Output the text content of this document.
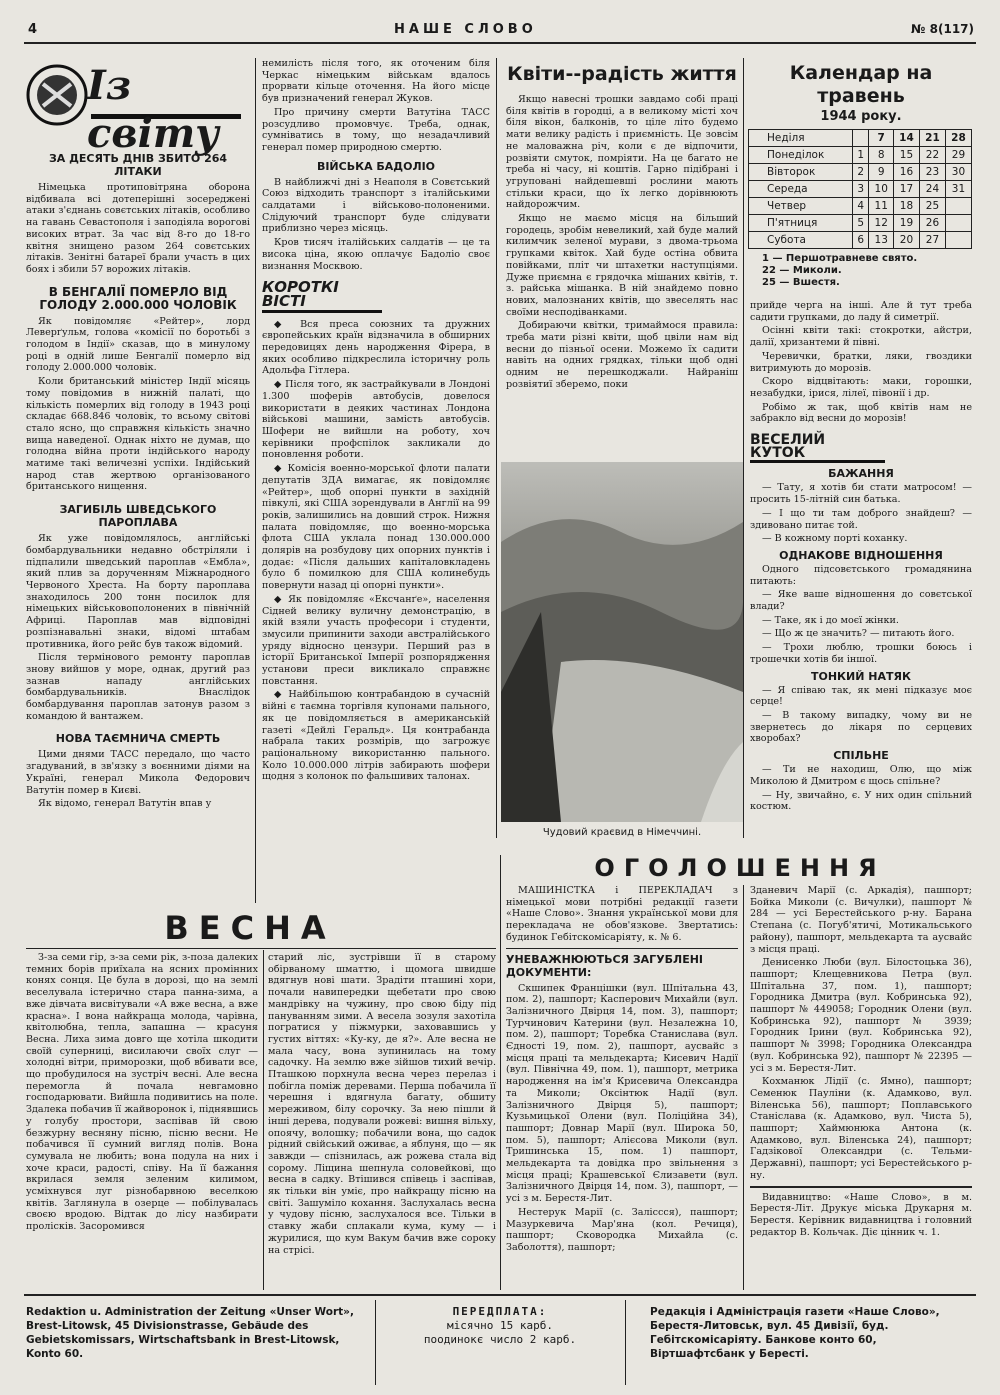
4	НАШЕ СЛОВО	№ 8(117)
Із світу
ЗА ДЕСЯТЬ ДНІВ ЗБИТО 264 ЛІТАКИ

Німецька протиповітряна оборона відбивала всі дотеперішні зосереджені атаки з'єднань совєтських літаків, особливо на гавань Севастополя і заподіяла ворогові високих втрат. За час від 8-го до 18-го квітня знищено разом 264 совєтських літаків. Зенітні батареї брали участь в цих боях і збили 57 ворожих літаків.

В БЕНГАЛІЇ ПОМЕРЛО ВІД ГОЛОДУ 2.000.000 ЧОЛОВІК

Як повідомляє «Рейтер», лорд Леверґульм, голова «комісії по боротьбі з голодом в Індії» сказав, що в минулому році в одній лише Бенгалії померло від голоду 2.000.000 чоловік.

Коли британський міністер Індії місяць тому повідомив в нижній палаті, що кількість померлих від голоду в 1943 році складає 668.846 чоловік, то всьому світові стало ясно, що справжня кількість значно вища наведеної. Однак ніхто не думав, що голодна війна проти індійського народу матиме такі величезні успіхи. Індійський народ став жертвою організованого британського нищення.

ЗАГИБІЛЬ ШВЕДСЬКОГО ПАРОПЛАВА

Як уже повідомлялось, англійські бомбардувальники недавно обстріляли і підпалили шведський пароплав «Ембла», який плив за дорученням Міжнародного Червоного Хреста. На борту пароплава знаходилось 200 тонн посилок для німецьких військовополонених в північній Африці. Пароплав мав відповідні розпізнавальні знаки, відомі штабам противника, його рейс був також відомий.

Після термінового ремонту пароплав знову вийшов у море, однак, другий раз зазнав нападу англійських бомбардувальників. Внаслідок бомбардування пароплав затонув разом з командою й вантажем.

НОВА ТАЄМНИЧА СМЕРТЬ

Цими днями ТАСС передало, що часто згадуваний, в зв'язку з воєнними діями на Україні, генерал Микола Федорович Ватутін помер в Києві.

Як відомо, генерал Ватутін впав у

немилість після того, як оточеним біля Черкас німецьким військам вдалось прорвати кільце оточення. На його місце був призначений генерал Жуков.

Про причину смерти Ватутіна ТАСС розсудливо промовчує. Треба, однак, сумніватись в тому, що незадачливий генерал помер природною смертю.

ВІЙСЬКА БАДОЛІО

В найближчі дні з Неаполя в Совєтський Союз відходить транспорт з італійськими салдатами і військово-полоненими. Слідуючий транспорт буде слідувати приблизно через місяць.

Кров тисяч італійських салдатів — це та висока ціна, якою оплачує Бадоліо своє визнання Москвою.

КОРОТКІ ВІСТІ

◆ Вся преса союзних та дружних європейських країн відзначила в обширних передовицях день народження Фірера, в яких особливо підкреслила історичну роль Адольфа Гітлера.

◆ Після того, як застрайкували в Лондоні 1.300 шоферів автобусів, довелося використати в деяких частинах Лондона військові машини, замість автобусів. Шофери не вийшли на роботу, хоч керівники профспілок закликали до поновлення роботи.

◆ Комісія военно-морської флоти палати депутатів ЗДА вимагає, як повідомляє «Рейтер», щоб опорні пункти в західній півкулі, які США зорендували в Англії на 99 років, залишились на довший строк. Нижня палата повідомляє, що военно-морська флота США уклала понад 130.000.000 долярів на розбудову цих опорних пунктів і додає: «Після дальших капіталовкладень було б помилкою для США колинебудь повернути назад ці опорні пункти».

◆ Як повідомляє «Ексчанґе», населення Сідней велику вуличну демонстрацію, в якій взяли участь професори і студенти, змусили припинити заходи австралійського уряду відносно цензури. Перший раз в історії Британської Імперії розпорядження установи преси викликало справжнє повстання.

◆ Найбільшою контрабандою в сучасній війні є таємна торгівля купонами пального, як це повідомляється в американській газеті «Дейлі Геральд». Ця контрабанда набрала таких розмірів, що загрожує раціональному використанню пального. Коло 10.000.000 літрів забирають шофери щодня з колонок по фальшивих талонах.

Квіти--радість життя

Якщо навесні трошки завдамо собі праці біля квітів в городці, а в великому місті хоч біля вікон, балконів, то ціле літо будемо мати велику радість і приємність. Це зовсім не маловажна річ, коли є де відпочити, розвіяти смуток, помріяти. На це багато не треба ні часу, ні коштів. Гарно підібрані і угруповані найдешевші рослини мають стільки краси, що їх легко дорівнюють найдорожчим.

Якщо не маємо місця на більший городець, зробім невеликий, хай буде малий килимчик зеленої мурави, з двома-трьома групками квіток. Хай буде остіна обвита повійками, пліт чи штахетки наступціями. Дуже приємна є грядочка мішаних квітів, т. з. райська мішанка. В ній знайдемо повно нових, малознаних квітів, що звеселять нас своїми несподіванками.

Добираючи квітки, тримаймося правила: треба мати різні квіти, щоб цвіли нам від весни до пізньої осени. Можемо їх садити навіть на одних грядках, тільки щоб одні одним не перешкоджали. Найраніш розвіятиї зберемо, поки

Чудовий краєвид в Німеччині.
Календар на травень
1944 року.
Неділя		7	14	21	28
Понеділок	1	8	15	22	29
Вівторок	2	9	16	23	30
Середа	3	10	17	24	31
Четвер	4	11	18	25	
П'ятниця	5	12	19	26	
Субота	6	13	20	27	
1 — Першотравневе свято.
22 — Миколи.
25 — Вшестя.

прийде черга на інші. Але й тут треба садити групками, до ладу й симетрії.

Осінні квіти такі: стокротки, айстри, далії, хризантеми й півні.

Черевички, братки, ляки, гвоздики витримують до морозів.

Скоро відцвітають: маки, горошки, незабудки, ірися, лілеї, півонії і др.

Робімо ж так, щоб квітів нам не забракло від весни до морозів!

ВЕСЕЛИЙ КУТОК
БАЖАННЯ

— Тату, я хотів би стати матросом! — просить 15-літній син батька.

— І що ти там доброго знайдеш? — здивовано питає той.

— В кожному порті коханку.

ОДНАКОВЕ ВІДНОШЕННЯ

Одного підсовєтського громадянина питають:

— Яке ваше відношення до совєтської влади?

— Таке, як і до моєї жінки.

— Що ж це значить? — питають його.

— Трохи люблю, трошки боюсь і трошечки хотів би іншої.

ТОНКИЙ НАТЯК

— Я співаю так, як мені підказує моє серце!

— В такому випадку, чому ви не звернетесь до лікаря по серцевих хворобах?

СПІЛЬНЕ

— Ти не находиш, Олю, що між Миколою й Дмитром є щось спільне?

— Ну, звичайно, є. У них один спільний костюм.

ВЕСНА

З-за семи гір, з-за семи рік, з-поза далеких темних борів приїхала на ясних промінних конях сонця. Це була в дорозі, що на землі веселувала істерично стара панна-зима, а вже дівчата висвітували «А вже весна, а вже красна». І вона найкраща молода, чарівна, квітолюбна, тепла, запашна — красуня Весна. Лиха зима довго ще хотіла шкодити своїй суперниці, висилаючи своїх слуг — холодні вітри, приморозки, щоб вбивати все, що пробудилося на зустріч весні. Але весна перемогла й почала невгамовно господарювати. Вийшла подивитись на поле. Здалека побачив її жайворонок і, піднявшись у голубу простори, заспівав їй свою безжурну весняну пісню, пісню весни. Не побачився її сумний вигляд полів. Вона сумувала не любить; вона подула на них і хоче краси, радості, співу. На її бажання вкрилася земля зеленим килимом, усміхнувся луг різнобарвною веселкою квітів. Заглянула в озерце — побілувалась своєю вродою. Відтак до лісу назбирати пролісків. Засоромився

старий ліс, зустрівши її в старому обірваному шматтю, і щомога швидше вдягнув нові шати. Зрадіти пташині хори, почали навипередки щебетати про свою мандрівку на чужину, про свою біду під пануванням зими. А весела зозуля захотіла погратися у піжмурки, заховавшись у густих віттях: «Ку-ку, де я?». Але весна не мала часу, вона зупинилась на тому садочку. На землю вже зійшов тихий вечір. Пташкою порхнула весна через перелаз і побігла поміж деревами. Перша побачила її черешня і вдягнула багату, обшиту мереживом, білу сорочку. За нею пішли й інші дерева, подували рожеві: вишня вільху, опоячу, волошку; побачили вона, що садок рідний свійський оживає, а яблуня, що — як завжди — спізнилась, аж рожева стала від сорому. Ліщина шепнула соловейкові, що весна в садку. Втішився співець і заспівав, як тільки він уміє, про найкращу пісню на світі. Зашуміло кохання. Заслухалась весна у чудову пісню, заслухалося все. Тільки в ставку жаби сплакали кума, куму — і журилися, що кум Вакум бачив вже сороку на стрісі.

ОГОЛОШЕННЯ

МАШИНІСТКА і ПЕРЕКЛАДАЧ з німецької мови потрібні редакції газети «Наше Слово». Знання української мови для перекладача не обов'язкове. Звертатись: будинок Гебітскомісаріяту, к. № 6.

УНЕВАЖНЮЮТЬСЯ ЗАГУБЛЕНІ ДОКУМЕНТИ:

Скшипек Францішки (вул. Шпітальна 43, пом. 2), пашпорт; Касперович Михайли (вул. Залізничного Двірця 14, пом. 3), пашпорт; Турчинович Катерини (вул. Незалежна 10, пом. 2), пашпорт; Торебка Станислава (вул. Єдності 19, пом. 2), пашпорт, аусвайс з місця праці та мельдекарта; Кисевич Надії (вул. Північна 49, пом. 1), пашпорт, метрика народження на ім'я Крисевича Олександра та Миколи; Оксінтюк Надії (вул. Залізничного Двірця 5), пашпорт; Кузьмицької Олени (вул. Поліційна 34), пашпорт; Довнар Марії (вул. Широка 50, пом. 5), пашпорт; Алієсова Миколи (вул. Тришинська 15, пом. 1) пашпорт, мельдекарта та довідка про звільнення з місця праці; Крашевської Єлизавети (вул. Залізничного Двірця 14, пом. 3), пашпорт, — усі з м. Берестя-Лит.

Нестерук Марії (с. Заліссся), пашпорт; Мазуркевича Мар'яна (кол. Речиця), пашпорт; Сковородка Михайла (с. Заболоття), пашпорт;

Зданевич Марії (с. Аркадія), пашпорт; Бойка Миколи (с. Вичулки), пашпорт № 284 — усі Берестейського р-ну. Барана Степана (с. Погуб'ятичі, Мотикальського району), пашпорт, мельдекарта та аусвайс з місця праці.

Денисенко Люби (вул. Білостоцька 36), пашпорт; Клещевникова Петра (вул. Шпітальна 37, пом. 1), пашпорт; Городника Дмитра (вул. Кобринська 92), пашпорт № 449058; Городник Олени (вул. Кобринська 92), пашпорт № 3939; Городник Ірини (вул. Кобринська 92), пашпорт № 3998; Городника Олександра (вул. Кобринська 92), пашпорт № 22395 — усі з м. Берестя-Лит.

Кохманюк Лідії (с. Ямно), пашпорт; Семенюк Пауліни (к. Адамково, вул. Віленська 56), пашпорт; Поплавського Станіслава (к. Адамково, вул. Чиста 5), пашпорт; Хаймюнюка Антона (к. Адамково, вул. Віленська 24), пашпорт; Гадзікової Олександри (с. Тельми-Державні), пашпорт; усі Берестейського р-ну.

Видавництво: «Наше Слово», в м. Берестя-Літ. Друкує міська Друкарня м. Берестя. Керівник видавництва і головний редактор В. Кольчак. Діє цінник ч. 1.

Redaktion u. Administration der Zeitung «Unser Wort», Brest-Litowsk, 45 Divisionstrasse, Gebäude des Gebietskomissars, Wirtschaftsbank in Brest-Litowsk, Konto 60.
ПЕРЕДПЛАТА:
місячно 15 карб.
поодинокє число 2 карб.
Редакція і Адміністрація газети «Наше Слово», Берестя-Литовськ, вул. 45 Дивізії, буд. Гебітскомісаріяту. Банкове конто 60, Віртшафтсбанк у Бересті.
